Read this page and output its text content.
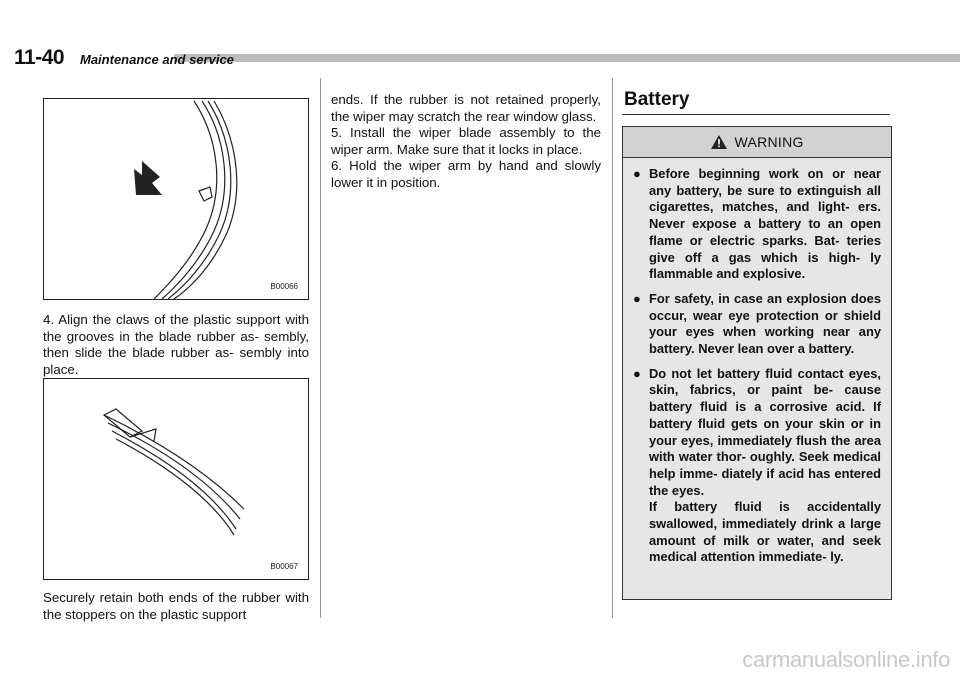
11-40 Maintenance and service
B00066

4. Align the claws of the plastic support with the grooves in the blade rubber as- sembly, then slide the blade rubber as- sembly into place.

B00067

Securely retain both ends of the rubber with the stoppers on the plastic support

ends. If the rubber is not retained properly, the wiper may scratch the rear window glass.

5. Install the wiper blade assembly to the wiper arm. Make sure that it locks in place.

6. Hold the wiper arm by hand and slowly lower it in position.

Battery
WARNING
● Before beginning work on or near any battery, be sure to extinguish all cigarettes, matches, and light- ers. Never expose a battery to an open flame or electric sparks. Bat- teries give off a gas which is high- ly flammable and explosive.
● For safety, in case an explosion does occur, wear eye protection or shield your eyes when working near any battery. Never lean over a battery.
● Do not let battery fluid contact eyes, skin, fabrics, or paint be- cause battery fluid is a corrosive acid. If battery fluid gets on your skin or in your eyes, immediately flush the area with water thor- oughly. Seek medical help imme- diately if acid has entered the eyes.
If battery fluid is accidentally swallowed, immediately drink a large amount of milk or water, and seek medical attention immediate- ly.
carmanualsonline.info
